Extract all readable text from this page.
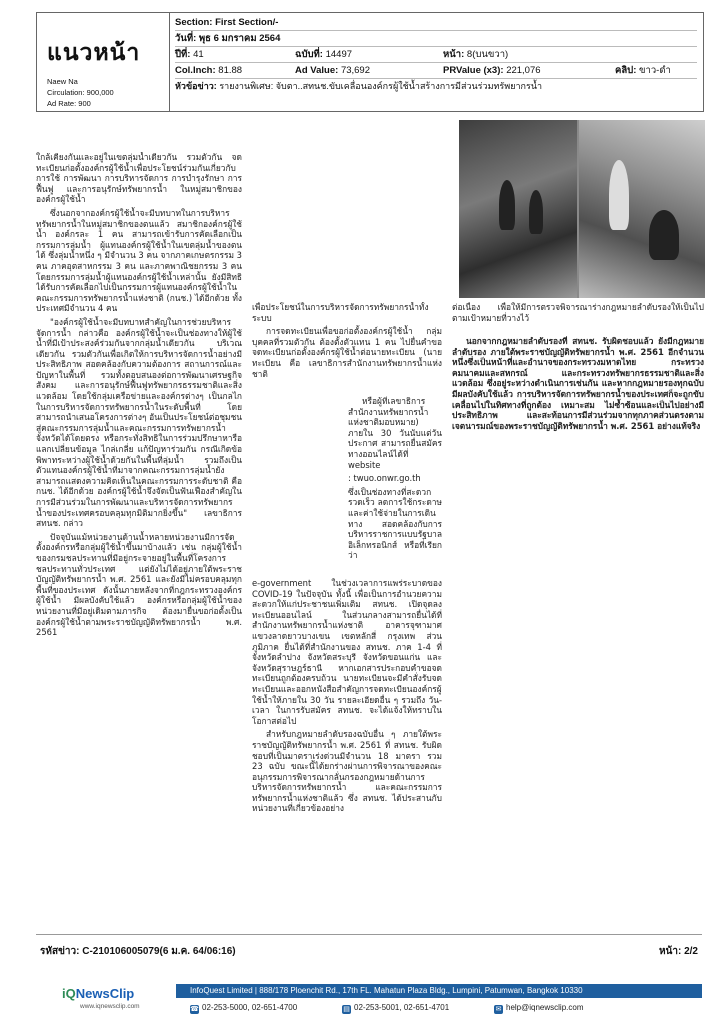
แนวหน้า
Naew Na
Circulation: 900,000
Ad Rate: 900
Section: First Section/-
วันที่: พุธ 6 มกราคม 2564
ปีที่: 41	ฉบับที่: 14497	หน้า: 8(บนขวา)
Col.Inch: 81.88	Ad Value: 73,692	PRValue (x3): 221,076	คลิป: ขาว-ดำ
หัวข้อข่าว: รายงานพิเศษ: จับตา..สทนช.ขับเคลื่อนองค์กรผู้ใช้น้ำสร้างการมีส่วนร่วมทรัพยากรน้ำ

ใกล้เคียงกันและอยู่ในเขตลุ่มน้ำเดียวกัน รวมตัวกัน จดทะเบียนก่อตั้งองค์กรผู้ใช้น้ำเพื่อประโยชน์ร่วมกันเกี่ยวกับการใช้ การพัฒนา การบริหารจัดการ การบำรุงรักษา การฟื้นฟู และการอนุรักษ์ทรัพยากรน้ำ ในหมู่สมาชิกขององค์กรผู้ใช้น้ำ

ซึ่งนอกจากองค์กรผู้ใช้น้ำจะมีบทบาทในการบริหารทรัพยากรน้ำในหมู่สมาชิกของตนแล้ว สมาชิกองค์กรผู้ใช้น้ำ องค์กรละ 1 คน สามารถเข้ารับการคัดเลือกเป็นกรรมการลุ่มน้ำ ผู้แทนองค์กรผู้ใช้น้ำในเขตลุ่มน้ำของตนได้ ซึ่งลุ่มน้ำหนึ่ง ๆ มีจำนวน 3 คน จากภาคเกษตรกรรม 3 คน ภาคอุตสาหกรรม 3 คน และภาคพาณิชยกรรม 3 คน โดยกรรมการลุ่มน้ำผู้แทนองค์กรผู้ใช้น้ำเหล่านั้น ยังมีสิทธิได้รับการคัดเลือกไปเป็นกรรมการผู้แทนองค์กรผู้ใช้น้ำในคณะกรรมการทรัพยากรน้ำแห่งชาติ (กนช.) ได้อีกด้วย ทั้งประเทศมีจำนวน 4 คน

"องค์กรผู้ใช้น้ำจะมีบทบาทสำคัญในการช่วยบริหารจัดการน้ำ กล่าวคือ องค์กรผู้ใช้น้ำจะเป็นช่องทางให้ผู้ใช้น้ำที่มีเป้าประสงค์ร่วมกันจากกลุ่มน้ำเดียวกัน บริเวณเดียวกัน รวมตัวกันเพื่อเกิดให้การบริหารจัดการน้ำอย่างมีประสิทธิภาพ สอดคล้องกับความต้องการ สถานการณ์และปัญหาในพื้นที่ รวมทั้งตอบสนองต่อการพัฒนาเศรษฐกิจ สังคม และการอนุรักษ์ฟื้นฟูทรัพยากรธรรมชาติและสิ่งแวดล้อม โดยใช้กลุ่มเครือข่ายและองค์กรต่างๆ เป็นกลไกในการบริหารจัดการทรัพยากรน้ำในระดับพื้นที่ โดยสามารถนำเสนอโครงการต่างๆ อันเป็นประโยชน์ต่อชุมชนสู่คณะกรรมการลุ่มน้ำและคณะกรรมการทรัพยากรน้ำจังหวัดได้โดยตรง หรือกระทั่งสิทธิในการร่วมปรึกษาหารือ แลกเปลี่ยนข้อมูล ไกล่เกลี่ย แก้ปัญหาร่วมกัน กรณีเกิดข้อพิพาทระหว่างผู้ใช้น้ำด้วยกันในพื้นที่ลุ่มน้ำ รวมถึงเป็นตัวแทนองค์กรผู้ใช้น้ำที่มาจากคณะกรรมการลุ่มน้ำยังสามารถแสดงความคิดเห็นในคณะกรรมการระดับชาติ คือ กนช. ได้อีกด้วย องค์กรผู้ใช้น้ำจึงจัดเป็นฟันเฟืองสำคัญในการมีส่วนร่วมในการพัฒนาและบริหารจัดการทรัพยากรน้ำของประเทศครอบคลุมทุกมิติมากยิ่งขึ้น" เลขาธิการ สทนช. กล่าว

ปัจจุบันแม้หน่วยงานด้านน้ำหลายหน่วยงานมีการจัดตั้งองค์กรหรือกลุ่มผู้ใช้น้ำขึ้นมาบ้างแล้ว เช่น กลุ่มผู้ใช้น้ำของกรมชลประทานที่มีอยู่กระจายอยู่ในพื้นที่โครงการชลประทานทั่วประเทศ แต่ยังไม่ได้อยู่ภายใต้พระราชบัญญัติทรัพยากรน้ำ พ.ศ. 2561 และยังมีไม่ครอบคลุมทุกพื้นที่ของประเทศ ดังนั้นภายหลังจากที่กฎกระทรวงองค์กรผู้ใช้น้ำ มีผลบังคับใช้แล้ว องค์กรหรือกลุ่มผู้ใช้น้ำของหน่วยงานที่มีอยู่เดิมตามภารกิจ ต้องมายื่นขอก่อตั้งเป็นองค์กรผู้ใช้น้ำตามพระราชบัญญัติทรัพยากรน้ำ พ.ศ. 2561

เพื่อประโยชน์ในการบริหารจัดการทรัพยากรน้ำทั้งระบบ

การจดทะเบียนเพื่อขอก่อตั้งองค์กรผู้ใช้น้ำ กลุ่มบุคคลที่รวมตัวกัน ต้องตั้งตัวแทน 1 คน ไปยื่นคำขอจดทะเบียนก่อตั้งองค์กรผู้ใช้น้ำต่อนายทะเบียน (นายทะเบียน คือ เลขาธิการสำนักงานทรัพยากรน้ำแห่งชาติ

หรือผู้ที่เลขาธิการสำนักงานทรัพยากรน้ำแห่งชาติมอบหมาย) ภายใน 30 วันนับแต่วันประกาศ สามารถยื่นสมัครทางออนไลน์ได้ที่ website

: twuo.onwr.go.th

ซึ่งเป็นช่องทางที่สะดวก รวดเร็ว ลดการใช้กระดาษ และค่าใช้จ่ายในการเดินทาง สอดคล้องกับการบริหารราชการแบบรัฐบาลอิเล็กทรอนิกส์ หรือที่เรียกว่า

e-government ในช่วงเวลาการแพร่ระบาดของ COVID-19 ในปัจจุบัน ทั้งนี้ เพื่อเป็นการอำนวยความสะดวกให้แก่ประชาชนเพิ่มเติม สทนช. เปิดจุดลงทะเบียนออนไลน์ ในส่วนกลางสามารถยื่นได้ที่สำนักงานทรัพยากรน้ำแห่งชาติ อาคารจุฑามาศ แขวงลาดยาวบางเขน เขตหลักสี่ กรุงเทพ ส่วนภูมิภาค ยื่นได้ที่สำนักงานของ สทนช. ภาค 1-4 ที่จังหวัดลำปาง จังหวัดสระบุรี จังหวัดขอนแก่น และจังหวัดสุราษฎร์ธานี หากเอกสารประกอบคำขอจดทะเบียนถูกต้องครบถ้วน นายทะเบียนจะมีคำสั่งรับจดทะเบียนและออกหนังสือสำคัญการจดทะเบียนองค์กรผู้ใช้น้ำให้ภายใน 30 วัน รายละเอียดอื่น ๆ รวมถึง วัน-เวลา ในการรับสมัคร สทนช. จะได้แจ้งให้ทราบในโอกาสต่อไป

สำหรับกฎหมายลำดับรองฉบับอื่น ๆ ภายใต้พระราชบัญญัติทรัพยากรน้ำ พ.ศ. 2561 ที่ สทนช. รับผิดชอบที่เป็นมาตราเร่งด่วนมีจำนวน 18 มาตรา รวม 23 ฉบับ ขณะนี้ได้ยกร่างผ่านการพิจารณาของคณะอนุกรรมการพิจารณากลั่นกรองกฎหมายด้านการบริหารจัดการทรัพยากรน้ำ และคณะกรรมการทรัพยากรน้ำแห่งชาติแล้ว ซึ่ง สทนช. ได้ประสานกับหน่วยงานที่เกี่ยวข้องอย่าง

ต่อเนื่อง เพื่อให้มีการตรวจพิจารณาร่างกฎหมายลำดับรองให้เป็นไปตามเป้าหมายที่วางไว้

นอกจากกฎหมายลำดับรองที่ สทนช. รับผิดชอบแล้ว ยังมีกฎหมายลำดับรอง ภายใต้พระราชบัญญัติทรัพยากรน้ำ พ.ศ. 2561 อีกจำนวนหนึ่งซึ่งเป็นหน้าที่และอำนาจของกระทรวงมหาดไทย กระทรวงคมนาคมและสหกรณ์ และกระทรวงทรัพยากรธรรมชาติและสิ่งแวดล้อม ซึ่งอยู่ระหว่างดำเนินการเช่นกัน และหากกฎหมายรองทุกฉบับมีผลบังคับใช้แล้ว การบริหารจัดการทรัพยากรน้ำของประเทศก็จะถูกขับเคลื่อนไปในทิศทางที่ถูกต้อง เหมาะสม ไม่ซ้ำซ้อนและเป็นไปอย่างมีประสิทธิภาพ และสะท้อนการมีส่วนร่วมจากทุกภาคส่วนตรงตามเจตนารมณ์ของพระราชบัญญัติทรัพยากรน้ำ พ.ศ. 2561 อย่างแท้จริง

รหัสข่าว: C-210106005079(6 ม.ค. 64/06:16)	หน้า: 2/2
iQNewsClip
www.iqnewsclip.com
InfoQuest Limited | 888/178 Ploenchit Rd., 17th FL. Mahatun Plaza Bldg., Lumpini, Patumwan, Bangkok 10330
☎ 02-253-5000, 02-651-4700	▤ 02-253-5001, 02-651-4701	✉ help@iqnewsclip.com
